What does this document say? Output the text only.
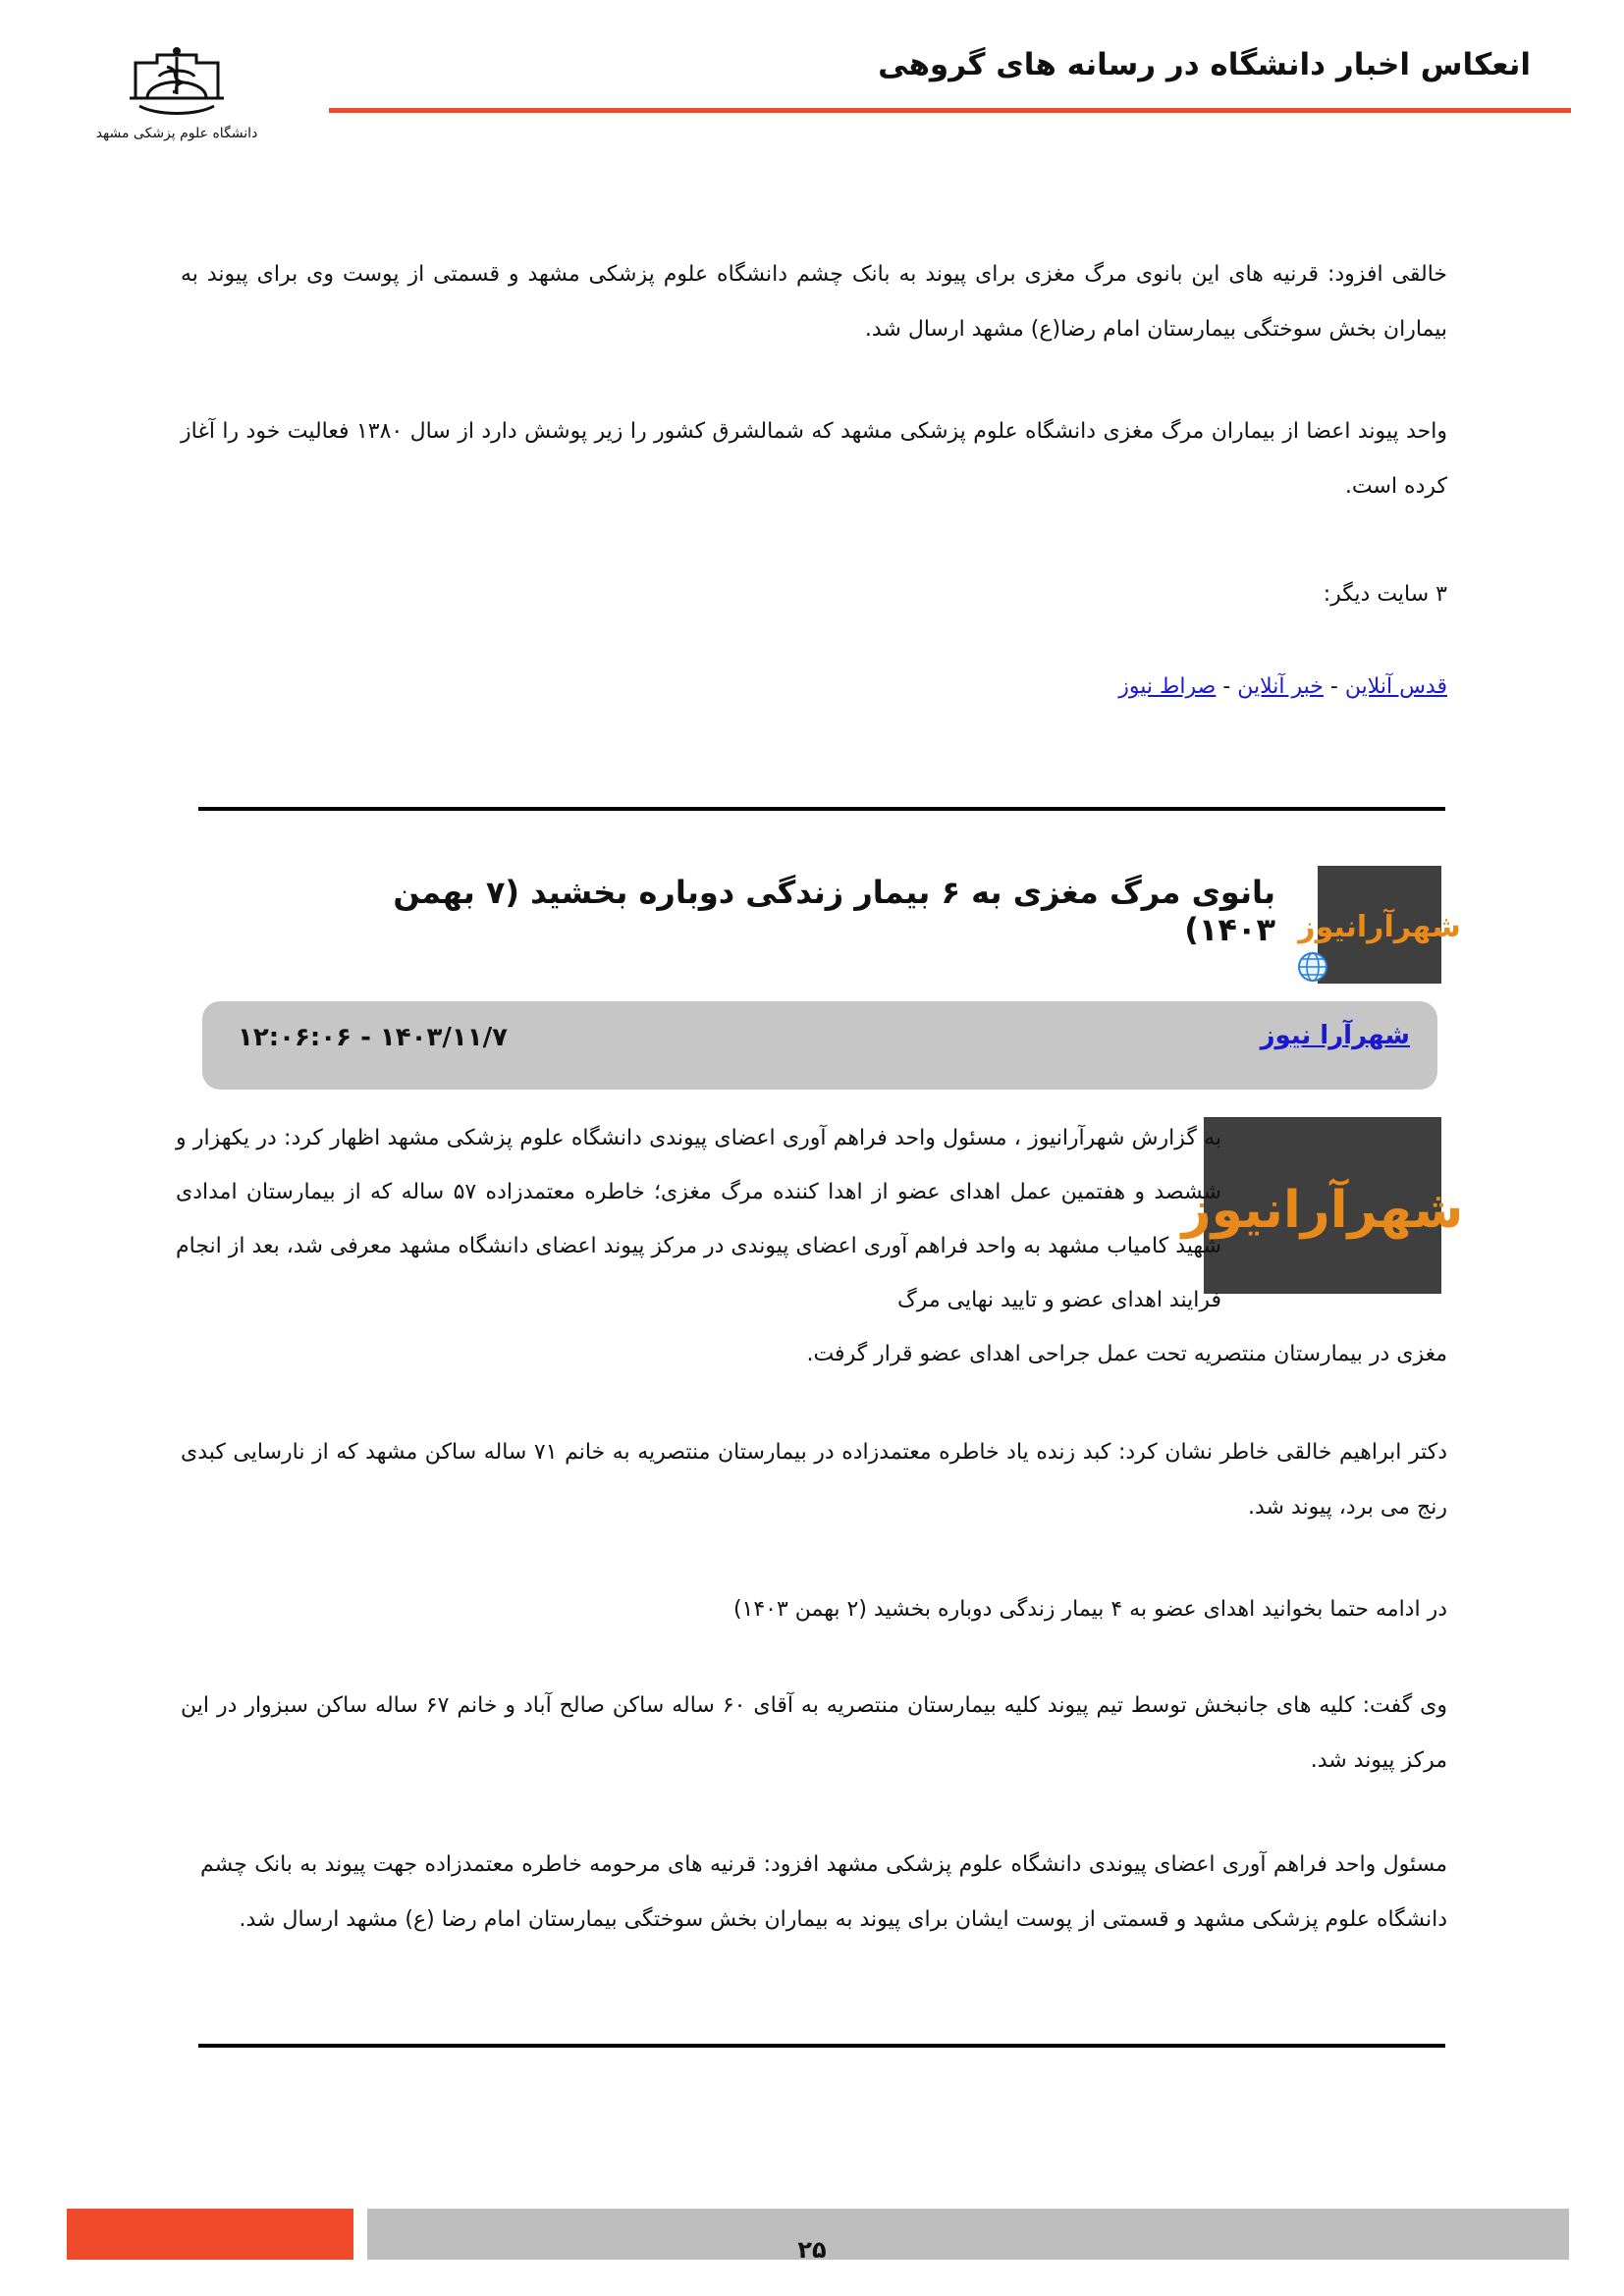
انعکاس اخبار دانشگاه در رسانه های گروهی
دانشگاه علوم پزشکی مشهد
خالقی افزود: قرنیه های این بانوی مرگ مغزی برای پیوند به بانک چشم دانشگاه علوم پزشکی مشهد و قسمتی از پوست وی برای پیوند به بیماران بخش سوختگی بیمارستان امام رضا(ع) مشهد ارسال شد.
واحد پیوند اعضا از بیماران مرگ مغزی دانشگاه علوم پزشکی مشهد که شمالشرق کشور را زیر پوشش دارد از سال ۱۳۸۰ فعالیت خود را آغاز کرده است.
۳ سایت دیگر:
قدس آنلاین - خبر آنلاین - صراط نیوز
شهرآرانیوز
بانوی مرگ مغزی به ۶ بیمار زندگی دوباره بخشید (۷ بهمن ۱۴۰۳)
شهرآرا نیوز
۱۴۰۳/۱۱/۷ - ۱۲:۰۶:۰۶
شهرآرانیوز
به گزارش شهرآرانیوز ، مسئول واحد فراهم آوری اعضای پیوندی دانشگاه علوم پزشکی مشهد اظهار کرد: در یکهزار و ششصد و هفتمین عمل اهدای عضو از اهدا کننده مرگ مغزی؛ خاطره معتمدزاده ۵۷ ساله که از بیمارستان امدادی شهید کامیاب مشهد به واحد فراهم آوری اعضای پیوندی در مرکز پیوند اعضای دانشگاه مشهد معرفی شد، بعد از انجام فرایند اهدای عضو و تایید نهایی مرگ
مغزی در بیمارستان منتصریه تحت عمل جراحی اهدای عضو قرار گرفت.
دکتر ابراهیم خالقی خاطر نشان کرد: کبد زنده یاد خاطره معتمدزاده در بیمارستان منتصریه به خانم ۷۱ ساله ساکن مشهد که از نارسایی کبدی رنج می برد، پیوند شد.
در ادامه حتما بخوانید اهدای عضو به ۴ بیمار زندگی دوباره بخشید (۲ بهمن ۱۴۰۳)
وی گفت: کلیه های جانبخش توسط تیم پیوند کلیه بیمارستان منتصریه به آقای ۶۰ ساله ساکن صالح آباد و خانم ۶۷ ساله ساکن سبزوار در این مرکز پیوند شد.
مسئول واحد فراهم آوری اعضای پیوندی دانشگاه علوم پزشکی مشهد افزود: قرنیه های مرحومه خاطره معتمدزاده جهت پیوند به بانک چشم دانشگاه علوم پزشکی مشهد و قسمتی از پوست ایشان برای پیوند به بیماران بخش سوختگی بیمارستان امام رضا (ع) مشهد ارسال شد.
۲۵
